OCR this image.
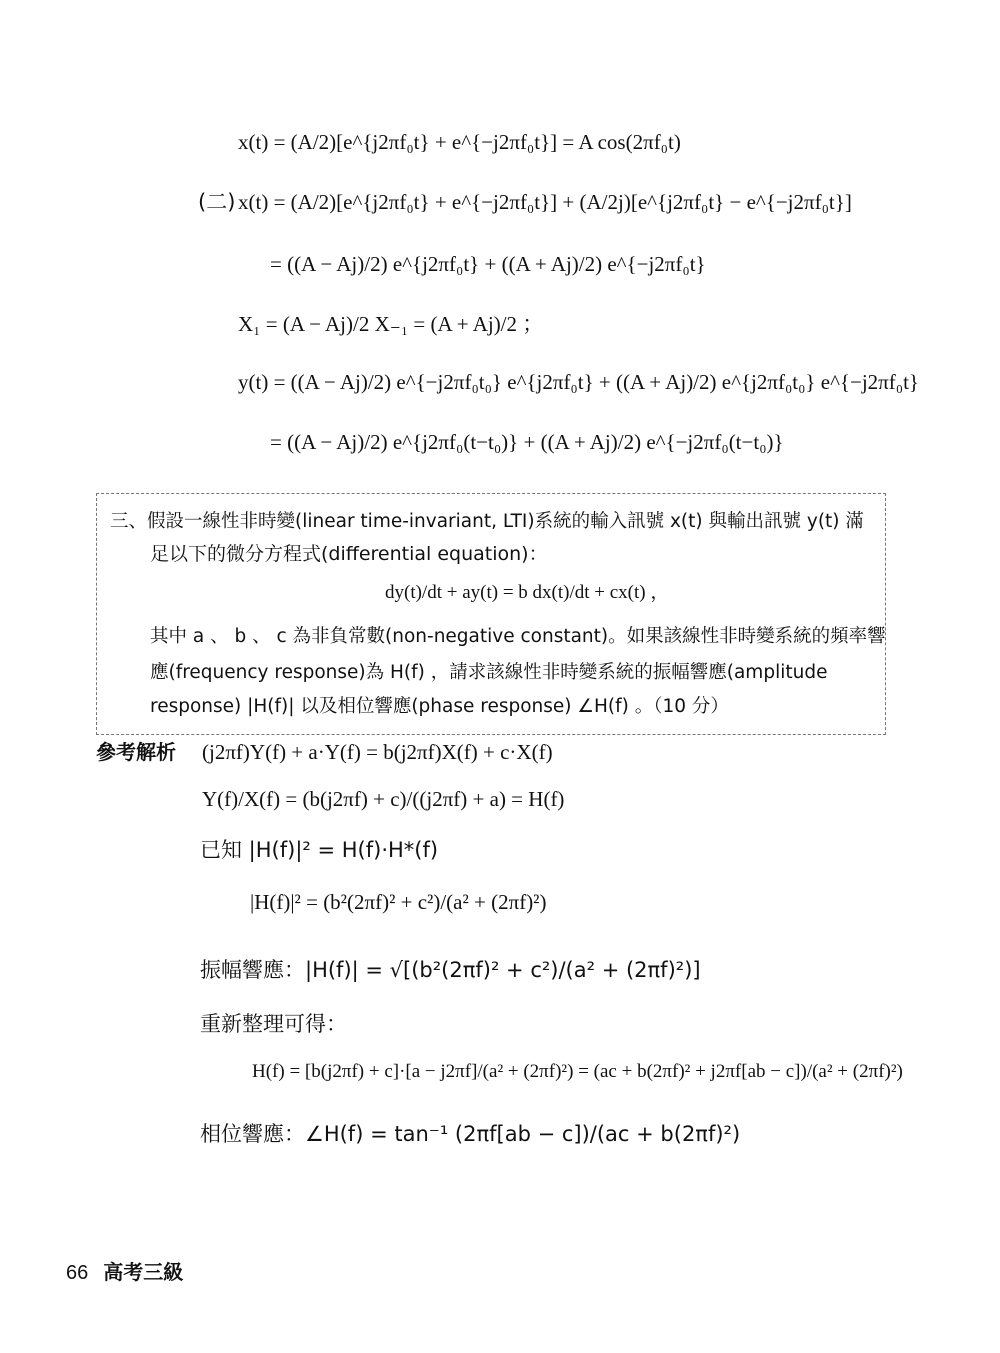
x(t) = (A/2)[e^{j2πf₀t} + e^{−j2πf₀t}] = A cos(2πf₀t)
(二) x(t) = (A/2)[e^{j2πf₀t} + e^{−j2πf₀t}] + (A/2j)[e^{j2πf₀t} − e^{−j2πf₀t}]
= ((A − Aj)/2) e^{j2πf₀t} + ((A + Aj)/2) e^{−j2πf₀t}
X₁ = (A − Aj)/2 X₋₁ = (A + Aj)/2 ；
y(t) = ((A − Aj)/2) e^{−j2πf₀t₀} e^{j2πf₀t} + ((A + Aj)/2) e^{j2πf₀t₀} e^{−j2πf₀t}
= ((A − Aj)/2) e^{j2πf₀(t−t₀)} + ((A + Aj)/2) e^{−j2πf₀(t−t₀)}
三、假設一線性非時變(linear time-invariant, LTI)系統的輸入訊號 x(t) 與輸出訊號 y(t) 滿
足以下的微分方程式(differential equation)：
dy(t)/dt + ay(t) = b dx(t)/dt + cx(t) ，
其中 a 、 b 、 c 為非負常數(non-negative constant)。如果該線性非時變系統的頻率響
應(frequency response)為 H(f) ，請求該線性非時變系統的振幅響應(amplitude
response) |H(f)| 以及相位響應(phase response) ∠H(f) 。（10 分）
參考解析 (j2πf)Y(f) + a·Y(f) = b(j2πf)X(f) + c·X(f)
Y(f)/X(f) = (b(j2πf) + c)/((j2πf) + a) = H(f)
已知 |H(f)|² = H(f)·H*(f)
|H(f)|² = (b²(2πf)² + c²)/(a² + (2πf)²)
振幅響應：|H(f)| = √[(b²(2πf)² + c²)/(a² + (2πf)²)]
重新整理可得：
H(f) = [b(j2πf) + c]·[a − j2πf]/(a² + (2πf)²) = (ac + b(2πf)² + j2πf[ab − c])/(a² + (2πf)²)
相位響應：∠H(f) = tan⁻¹ (2πf[ab − c])/(ac + b(2πf)²)
66 高考三級
